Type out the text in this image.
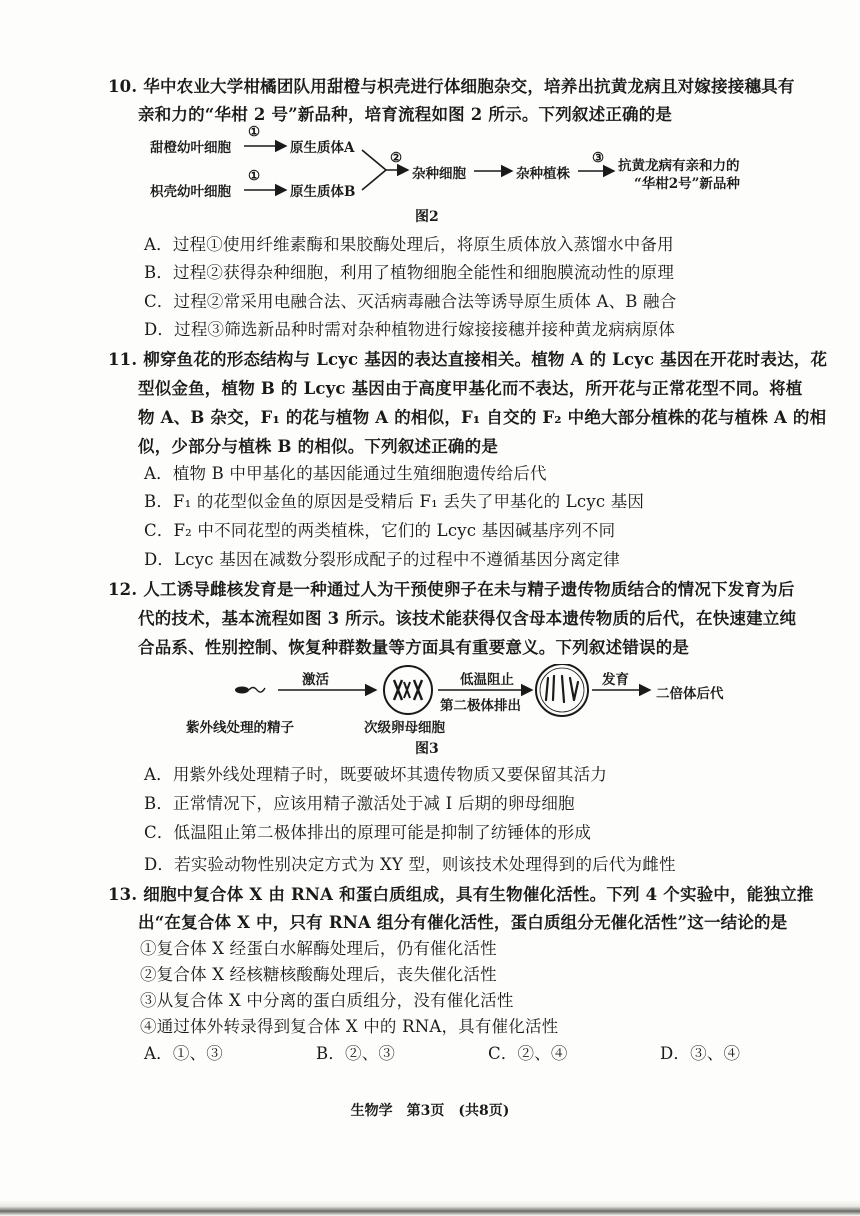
10. 华中农业大学柑橘团队用甜橙与枳壳进行体细胞杂交，培养出抗黄龙病且对嫁接接穗具有
亲和力的“华柑 2 号”新品种，培育流程如图 2 所示。下列叙述正确的是
甜橙幼叶细胞
①
原生质体A
枳壳幼叶细胞
①
原生质体B
②
杂种细胞	杂种植株
③ 抗黄龙病有亲和力的
“华柑2号”新品种
图2
A．过程①使用纤维素酶和果胶酶处理后，将原生质体放入蒸馏水中备用
B．过程②获得杂种细胞，利用了植物细胞全能性和细胞膜流动性的原理
C．过程②常采用电融合法、灭活病毒融合法等诱导原生质体 A、B 融合
D．过程③筛选新品种时需对杂种植物进行嫁接接穗并接种黄龙病病原体
11. 柳穿鱼花的形态结构与 Lcyc 基因的表达直接相关。植物 A 的 Lcyc 基因在开花时表达，花
型似金鱼，植物 B 的 Lcyc 基因由于高度甲基化而不表达，所开花与正常花型不同。将植
物 A、B 杂交，F₁ 的花与植物 A 的相似，F₁ 自交的 F₂ 中绝大部分植株的花与植株 A 的相
似，少部分与植株 B 的相似。下列叙述正确的是
A．植物 B 中甲基化的基因能通过生殖细胞遗传给后代
B．F₁ 的花型似金鱼的原因是受精后 F₁ 丢失了甲基化的 Lcyc 基因
C．F₂ 中不同花型的两类植株，它们的 Lcyc 基因碱基序列不同
D．Lcyc 基因在减数分裂形成配子的过程中不遵循基因分离定律
12. 人工诱导雌核发育是一种通过人为干预使卵子在未与精子遗传物质结合的情况下发育为后
代的技术，基本流程如图 3 所示。该技术能获得仅含母本遗传物质的后代，在快速建立纯
合品系、性别控制、恢复种群数量等方面具有重要意义。下列叙述错误的是
激活	低温阻止
第二极体排出
发育
二倍体后代
紫外线处理的精子	次级卵母细胞
图3
A．用紫外线处理精子时，既要破坏其遗传物质又要保留其活力
B．正常情况下，应该用精子激活处于减 Ⅰ 后期的卵母细胞
C．低温阻止第二极体排出的原理可能是抑制了纺锤体的形成
D．若实验动物性别决定方式为 XY 型，则该技术处理得到的后代为雌性
13. 细胞中复合体 X 由 RNA 和蛋白质组成，具有生物催化活性。下列 4 个实验中，能独立推
出“在复合体 X 中，只有 RNA 组分有催化活性，蛋白质组分无催化活性”这一结论的是
①复合体 X 经蛋白水解酶处理后，仍有催化活性
②复合体 X 经核糖核酸酶处理后，丧失催化活性
③从复合体 X 中分离的蛋白质组分，没有催化活性
④通过体外转录得到复合体 X 中的 RNA，具有催化活性
A．①、③	B．②、③	C．②、④	D．③、④
生物学　第3页　(共8页)
